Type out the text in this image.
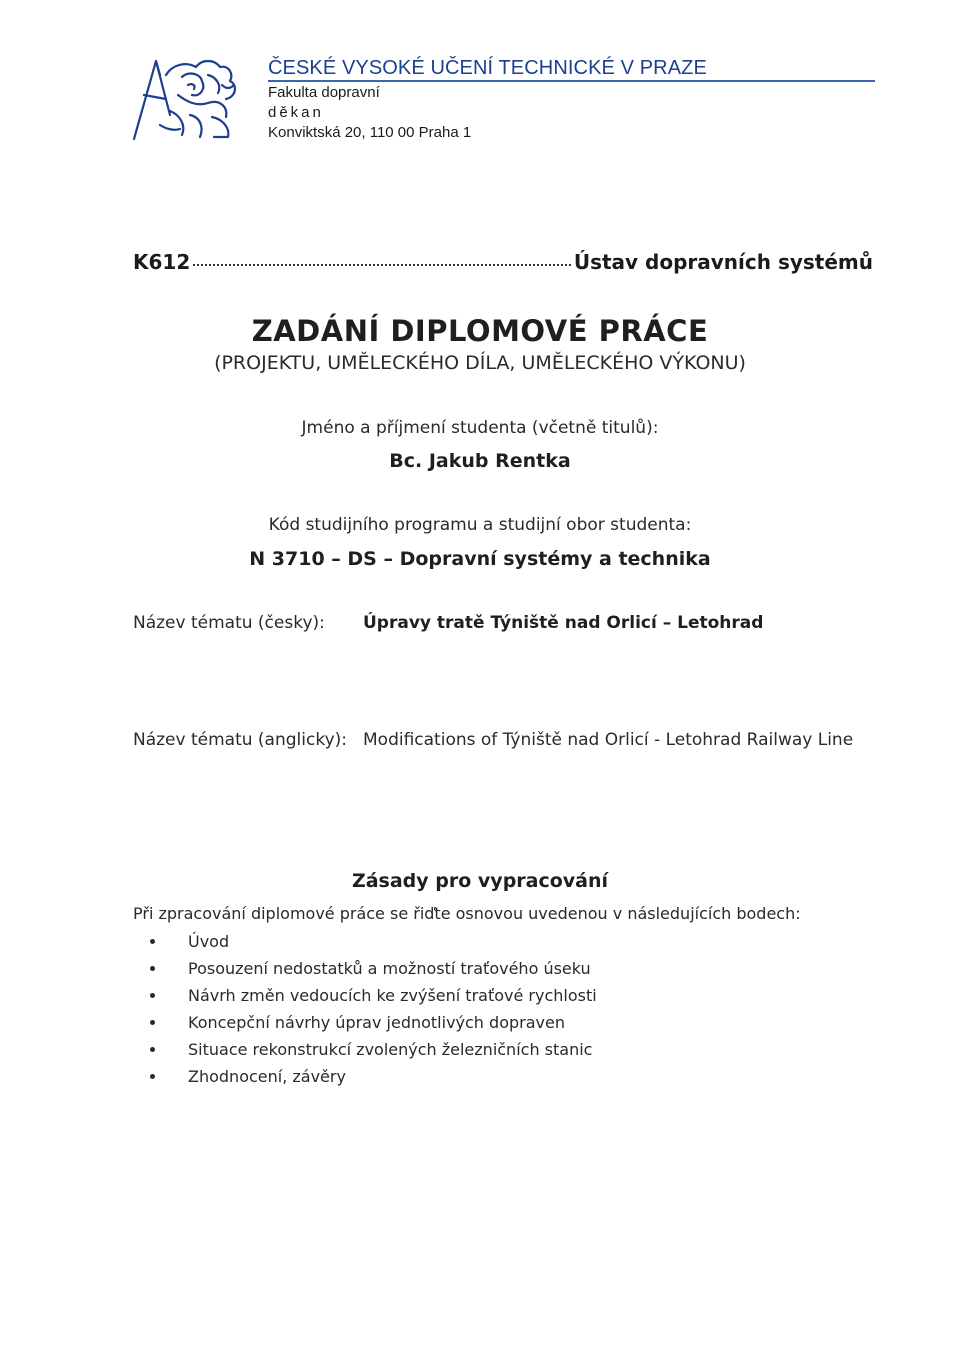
ČESKÉ VYSOKÉ UČENÍ TECHNICKÉ V PRAZE
Fakulta dopravní
děkan
Konviktská 20, 110 00 Praha 1
K612	Ústav dopravních systémů
ZADÁNÍ DIPLOMOVÉ PRÁCE
(PROJEKTU, UMĚLECKÉHO DÍLA, UMĚLECKÉHO VÝKONU)
Jméno a příjmení studenta (včetně titulů):
Bc. Jakub Rentka
Kód studijního programu a studijní obor studenta:
N 3710 – DS – Dopravní systémy a technika
Název tématu (česky): Úpravy tratě Týniště nad Orlicí – Letohrad
Název tématu (anglicky): Modifications of Týniště nad Orlicí - Letohrad Railway Line
Zásady pro vypracování
Při zpracování diplomové práce se řiďte osnovou uvedenou v následujících bodech:
Úvod
Posouzení nedostatků a možností traťového úseku
Návrh změn vedoucích ke zvýšení traťové rychlosti
Koncepční návrhy úprav jednotlivých dopraven
Situace rekonstrukcí zvolených železničních stanic
Zhodnocení, závěry
